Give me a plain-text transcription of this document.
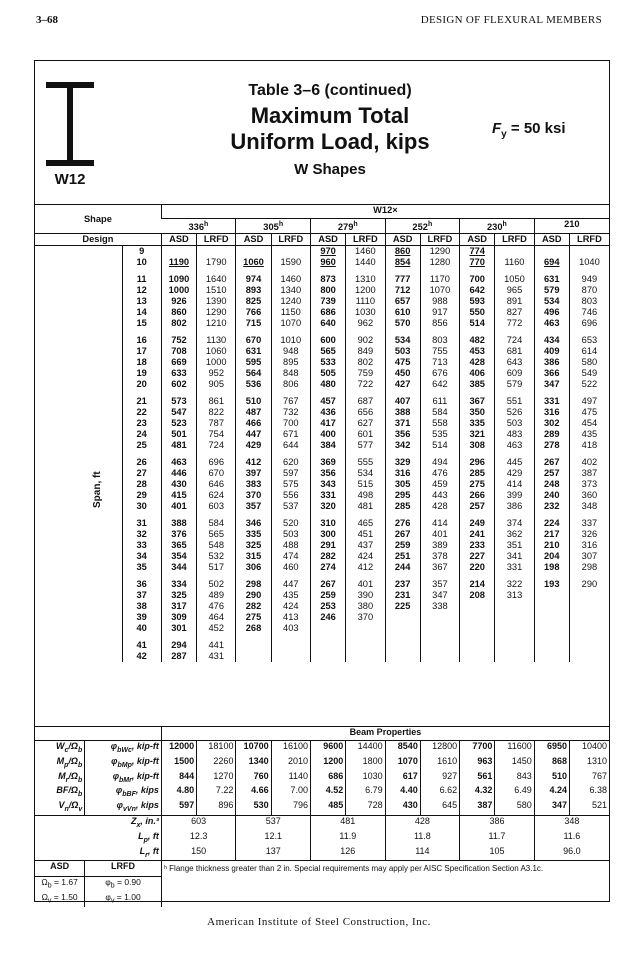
3–68	DESIGN OF FLEXURAL MEMBERS
W12
Table 3–6 (continued)
Maximum Total
Uniform Load, kips
W Shapes
$F_y = 50$ ksi
Shape		W12×											
		336$^h$		305$^h$		279$^h$		252$^h$		230$^h$		210	
Design		ASD	LRFD	ASD	LRFD	ASD	LRFD	ASD	LRFD	ASD	LRFD	ASD	LRFD
	9					970	1460	860	1290	774			
	10	1190	1790	1060	1590	960	1440	854	1280	770	1160	694	1040

	11	1090	1640	974	1460	873	1310	777	1170	700	1050	631	949
	12	1000	1510	893	1340	800	1200	712	1070	642	965	579	870
	13	926	1390	825	1240	739	1110	657	988	593	891	534	803
	14	860	1290	766	1150	686	1030	610	917	550	827	496	746
	15	802	1210	715	1070	640	962	570	856	514	772	463	696

	16	752	1130	670	1010	600	902	534	803	482	724	434	653
	17	708	1060	631	948	565	849	503	755	453	681	409	614
	18	669	1000	595	895	533	802	475	713	428	643	386	580
	19	633	952	564	848	505	759	450	676	406	609	366	549
	20	602	905	536	806	480	722	427	642	385	579	347	522

	21	573	861	510	767	457	687	407	611	367	551	331	497
	22	547	822	487	732	436	656	388	584	350	526	316	475
	23	523	787	466	700	417	627	371	558	335	503	302	454
	24	501	754	447	671	400	601	356	535	321	483	289	435
	25	481	724	429	644	384	577	342	514	308	463	278	418

	26	463	696	412	620	369	555	329	494	296	445	267	402
	27	446	670	397	597	356	534	316	476	285	429	257	387
	28	430	646	383	575	343	515	305	459	275	414	248	373
	29	415	624	370	556	331	498	295	443	266	399	240	360
	30	401	603	357	537	320	481	285	428	257	386	232	348

	31	388	584	346	520	310	465	276	414	249	374	224	337
	32	376	565	335	503	300	451	267	401	241	362	217	326
	33	365	548	325	488	291	437	259	389	233	351	210	316
	34	354	532	315	474	282	424	251	378	227	341	204	307
	35	344	517	306	460	274	412	244	367	220	331	198	298

	36	334	502	298	447	267	401	237	357	214	322	193	290
	37	325	489	290	435	259	390	231	347	208	313		
	38	317	476	282	424	253	380	225	338				
	39	309	464	275	413	246	370						
	40	301	452	268	403								

	41	294	441										
	42	287	431										
Span, ft
		Beam Properties											
$W_c/\Omega_b$	$\varphi_{bWc}$, kip-ft	12000	18100	10700	16100	9600	14400	8540	12800	7700	11600	6950	10400
$M_p/\Omega_b$	$\varphi_{bMp}$, kip-ft	1500	2260	1340	2010	1200	1800	1070	1610	963	1450	868	1310
$M_r/\Omega_b$	$\varphi_{bMr}$, kip-ft	844	1270	760	1140	686	1030	617	927	561	843	510	767
$BF/\Omega_b$	$\varphi_{bBF}$, kips	4.80	7.22	4.66	7.00	4.52	6.79	4.40	6.62	4.32	6.49	4.24	6.38
$V_n/\Omega_v$	$\varphi_{vVn}$, kips	597	896	530	796	485	728	430	645	387	580	347	521
$Z_x$, in.³		603		537		481		428		386		348	
$L_p$, ft		12.3		12.1		11.9		11.8		11.7		11.6	
$L_r$, ft		150		137		126		114		105		96.0	
ASD	LRFD	ʰ Flange thickness greater than 2 in. Special requirements may apply per AISC Specification Section A3.1c.											
$\Omega_b = 1.67$	$\varphi_b = 0.90$												
$\Omega_v = 1.50$	$\varphi_v = 1.00$												
American Institute of Steel Construction, Inc.
